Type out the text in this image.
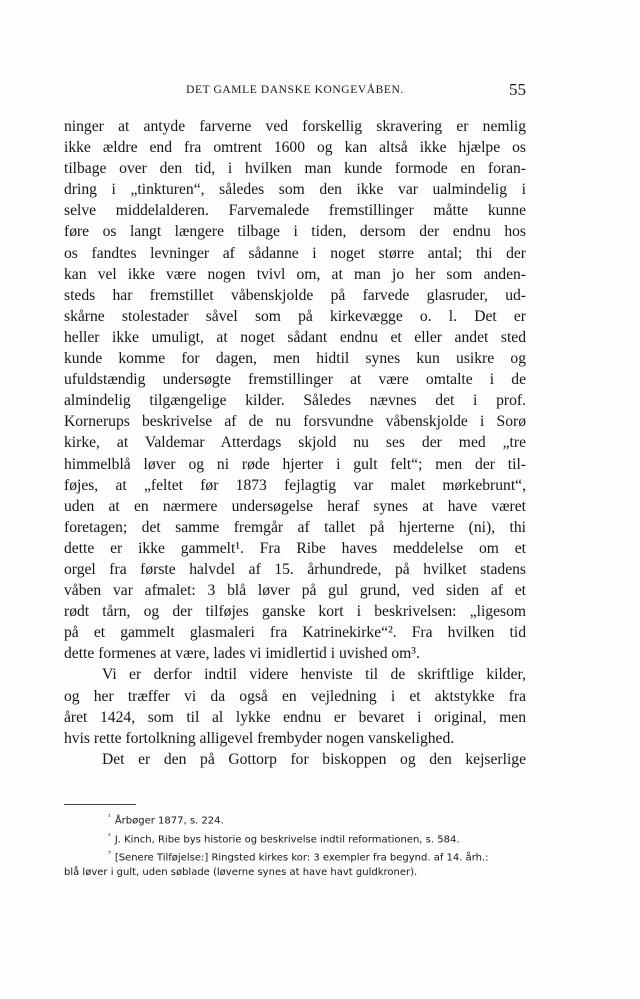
DET GAMLE DANSKE KONGEVÅBEN.	55
ninger at antyde farverne ved forskellig skravering er nemlig
ikke ældre end fra omtrent 1600 og kan altså ikke hjælpe os
tilbage over den tid, i hvilken man kunde formode en foran-
dring i „tinkturen“, således som den ikke var ualmindelig i
selve middelalderen. Farvemalede fremstillinger måtte kunne
føre os langt længere tilbage i tiden, dersom der endnu hos
os fandtes levninger af sådanne i noget større antal; thi der
kan vel ikke være nogen tvivl om, at man jo her som anden-
steds har fremstillet våbenskjolde på farvede glasruder, ud-
skårne stolestader såvel som på kirkevægge o. l. Det er
heller ikke umuligt, at noget sådant endnu et eller andet sted
kunde komme for dagen, men hidtil synes kun usikre og
ufuldstændig undersøgte fremstillinger at være omtalte i de
almindelig tilgængelige kilder. Således nævnes det i prof.
Kornerups beskrivelse af de nu forsvundne våbenskjolde i Sorø
kirke, at Valdemar Atterdags skjold nu ses der med „tre
himmelblå løver og ni røde hjerter i gult felt“; men der til-
føjes, at „feltet før 1873 fejlagtig var malet mørkebrunt“,
uden at en nærmere undersøgelse heraf synes at have været
foretagen; det samme fremgår af tallet på hjerterne (ni), thi
dette er ikke gammelt¹. Fra Ribe haves meddelelse om et
orgel fra første halvdel af 15. århundrede, på hvilket stadens
våben var afmalet: 3 blå løver på gul grund, ved siden af et
rødt tårn, og der tilføjes ganske kort i beskrivelsen: „ligesom
på et gammelt glasmaleri fra Katrinekirke“². Fra hvilken tid
dette formenes at være, lades vi imidlertid i uvished om³.
Vi er derfor indtil videre henviste til de skriftlige kilder,
og her træffer vi da også en vejledning i et aktstykke fra
året 1424, som til al lykke endnu er bevaret i original, men
hvis rette fortolkning alligevel frembyder nogen vanskelighed.
Det er den på Gottorp for biskoppen og den kejserlige
$^{^1}$ Årbøger 1877, s. 224.
$^{^2}$ J. Kinch, Ribe bys historie og beskrivelse indtil reformationen, s. 584.
$^{^3}$ [Senere Tilføjelse:] Ringsted kirkes kor: 3 exempler fra begynd. af 14. årh.:
blå løver i gult, uden søblade (løverne synes at have havt guldkroner).
